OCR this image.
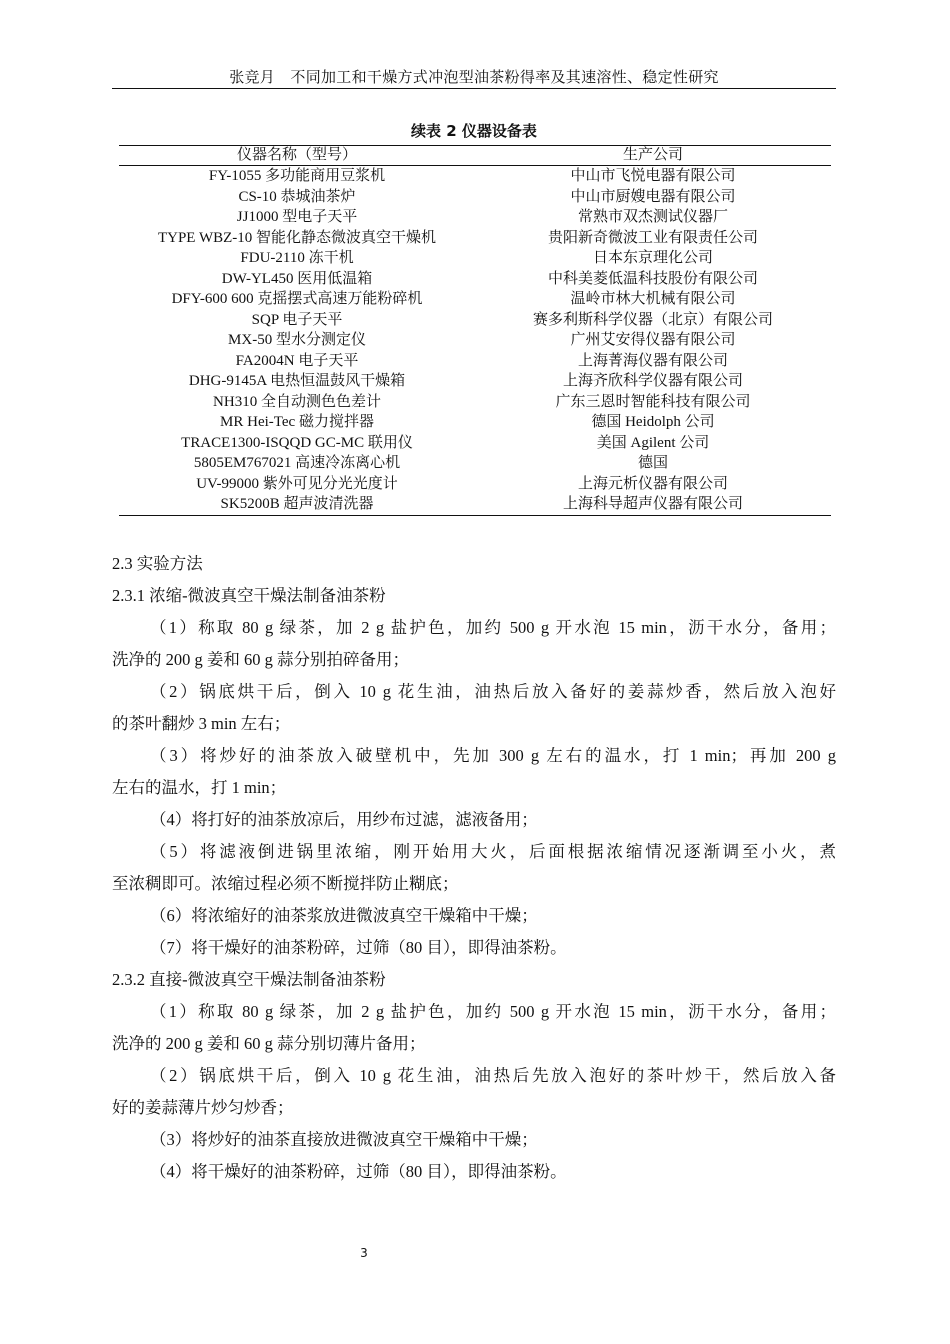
张竞月　不同加工和干燥方式冲泡型油茶粉得率及其速溶性、稳定性研究
续表 2 仪器设备表
仪器名称（型号）	生产公司
FY-1055 多功能商用豆浆机	中山市飞悦电器有限公司
CS-10 恭城油茶炉	中山市厨嫂电器有限公司
JJ1000 型电子天平	常熟市双杰测试仪器厂
TYPE WBZ-10 智能化静态微波真空干燥机	贵阳新奇微波工业有限责任公司
FDU-2110 冻干机	日本东京理化公司
DW-YL450 医用低温箱	中科美菱低温科技股份有限公司
DFY-600 600 克摇摆式高速万能粉碎机	温岭市林大机械有限公司
SQP 电子天平	赛多利斯科学仪器（北京）有限公司
MX-50 型水分测定仪	广州艾安得仪器有限公司
FA2004N 电子天平	上海菁海仪器有限公司
DHG-9145A 电热恒温鼓风干燥箱	上海齐欣科学仪器有限公司
NH310 全自动测色色差计	广东三恩时智能科技有限公司
MR Hei-Tec 磁力搅拌器	德国 Heidolph 公司
TRACE1300-ISQQD GC-MC 联用仪	美国 Agilent 公司
5805EM767021 高速冷冻离心机	德国
UV-99000 紫外可见分光光度计	上海元析仪器有限公司
SK5200B 超声波清洗器	上海科导超声仪器有限公司
2.3 实验方法
2.3.1 浓缩-微波真空干燥法制备油茶粉
（1）称取 80 g 绿茶，加 2 g 盐护色，加约 500 g 开水泡 15 min，沥干水分，备用；
洗净的 200 g 姜和 60 g 蒜分别拍碎备用；
（2）锅底烘干后，倒入 10 g 花生油，油热后放入备好的姜蒜炒香，然后放入泡好
的茶叶翻炒 3 min 左右；
（3）将炒好的油茶放入破壁机中，先加 300 g 左右的温水，打 1 min；再加 200 g
左右的温水，打 1 min；
（4）将打好的油茶放凉后，用纱布过滤，滤液备用；
（5）将滤液倒进锅里浓缩，刚开始用大火，后面根据浓缩情况逐渐调至小火，煮
至浓稠即可。浓缩过程必须不断搅拌防止糊底；
（6）将浓缩好的油茶浆放进微波真空干燥箱中干燥；
（7）将干燥好的油茶粉碎，过筛（80 目），即得油茶粉。
2.3.2 直接-微波真空干燥法制备油茶粉
（1）称取 80 g 绿茶，加 2 g 盐护色，加约 500 g 开水泡 15 min，沥干水分，备用；
洗净的 200 g 姜和 60 g 蒜分别切薄片备用；
（2）锅底烘干后，倒入 10 g 花生油，油热后先放入泡好的茶叶炒干，然后放入备
好的姜蒜薄片炒匀炒香；
（3）将炒好的油茶直接放进微波真空干燥箱中干燥；
（4）将干燥好的油茶粉碎，过筛（80 目），即得油茶粉。
3
